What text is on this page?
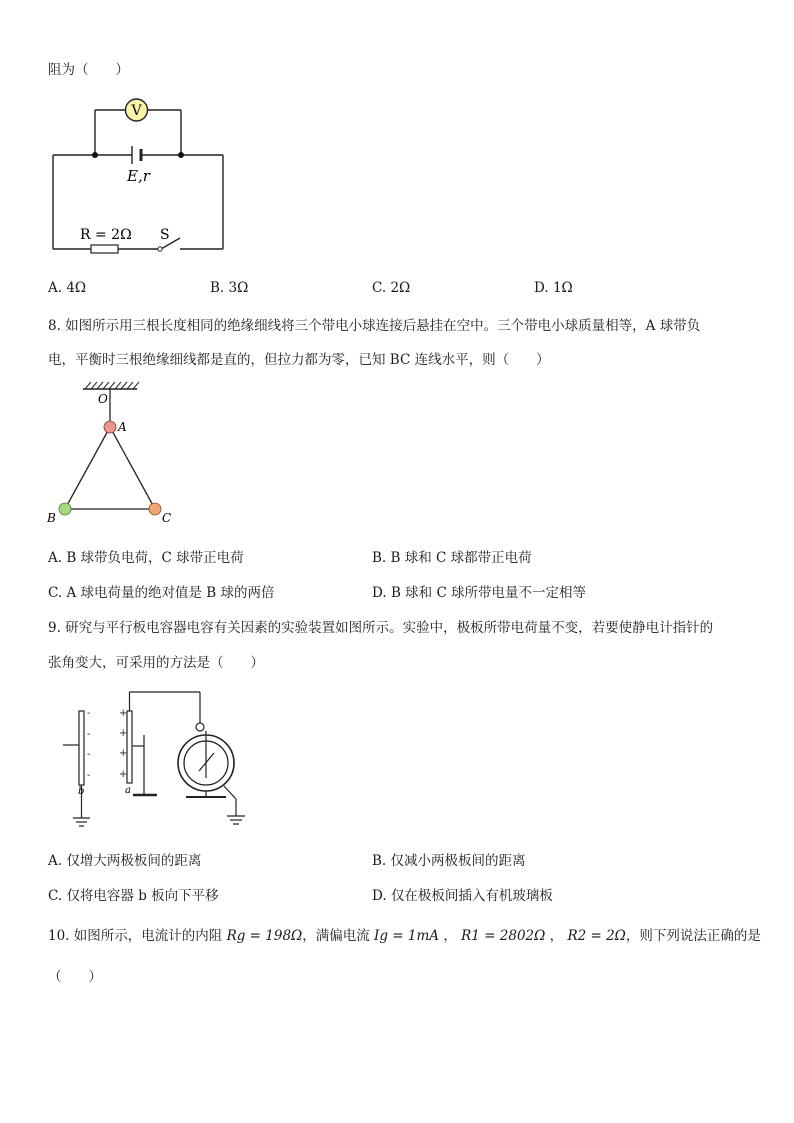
阻为（　　）
V
E,r
R = 2Ω S
A. 4Ω	B. 3Ω	C. 2Ω	D. 1Ω
8. 如图所示用三根长度相同的绝缘细线将三个带电小球连接后悬挂在空中。三个带电小球质量相等，A 球带负
电，平衡时三根绝缘细线都是直的，但拉力都为零，已知 BC 连线水平，则（　　）
O
A
B	C
A. B 球带负电荷，C 球带正电荷	B. B 球和 C 球都带正电荷
C. A 球电荷量的绝对值是 B 球的两倍	D. B 球和 C 球所带电量不一定相等
9. 研究与平行板电容器电容有关因素的实验装置如图所示。实验中，极板所带电荷量不变，若要使静电计指针的
张角变大，可采用的方法是（　　）
-
-
-
-
+
+
+
+
b	a
A. 仅增大两极板间的距离	B. 仅减小两极板间的距离
C. 仅将电容器 b 板向下平移	D. 仅在极板间插入有机玻璃板
10. 如图所示，电流计的内阻 Rg = 198Ω，满偏电流 Ig = 1mA ， R1 = 2802Ω ， R2 = 2Ω，则下列说法正确的是
（　　）
